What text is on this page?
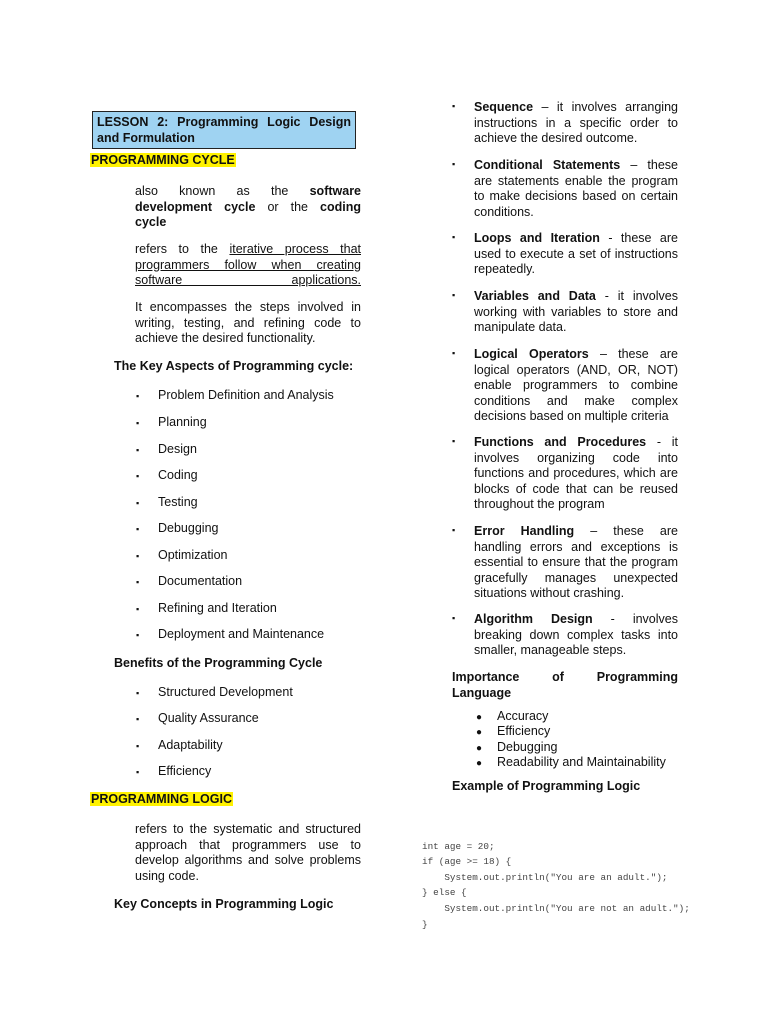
LESSON 2: Programming Logic Design and Formulation
PROGRAMMING CYCLE
also known as the software development cycle or the coding cycle
refers to the iterative process that programmers follow when creating software applications.
It encompasses the steps involved in writing, testing, and refining code to achieve the desired functionality.
The Key Aspects of Programming cycle:
▪ Problem Definition and Analysis
▪ Planning
▪ Design
▪ Coding
▪ Testing
▪ Debugging
▪ Optimization
▪ Documentation
▪ Refining and Iteration
▪ Deployment and Maintenance
Benefits of the Programming Cycle
▪ Structured Development
▪ Quality Assurance
▪ Adaptability
▪ Efficiency
PROGRAMMING LOGIC
refers to the systematic and structured approach that programmers use to develop algorithms and solve problems using code.
Key Concepts in Programming Logic
▪ Sequence – it involves arranging instructions in a specific order to achieve the desired outcome.
▪ Conditional Statements – these are statements enable the program to make decisions based on certain conditions.
▪ Loops and Iteration - these are used to execute a set of instructions repeatedly.
▪ Variables and Data - it involves working with variables to store and manipulate data.
▪ Logical Operators – these are logical operators (AND, OR, NOT) enable programmers to combine conditions and make complex decisions based on multiple criteria
▪ Functions and Procedures - it involves organizing code into functions and procedures, which are blocks of code that can be reused throughout the program
▪ Error Handling – these are handling errors and exceptions is essential to ensure that the program gracefully manages unexpected situations without crashing.
▪ Algorithm Design - involves breaking down complex tasks into smaller, manageable steps.
Importance of Programming Language
● Accuracy
● Efficiency
● Debugging
● Readability and Maintainability
Example of Programming Logic

int age = 20;
if (age >= 18) {
System.out.println("You are an adult.");
} else {
System.out.println("You are not an adult.");
}
